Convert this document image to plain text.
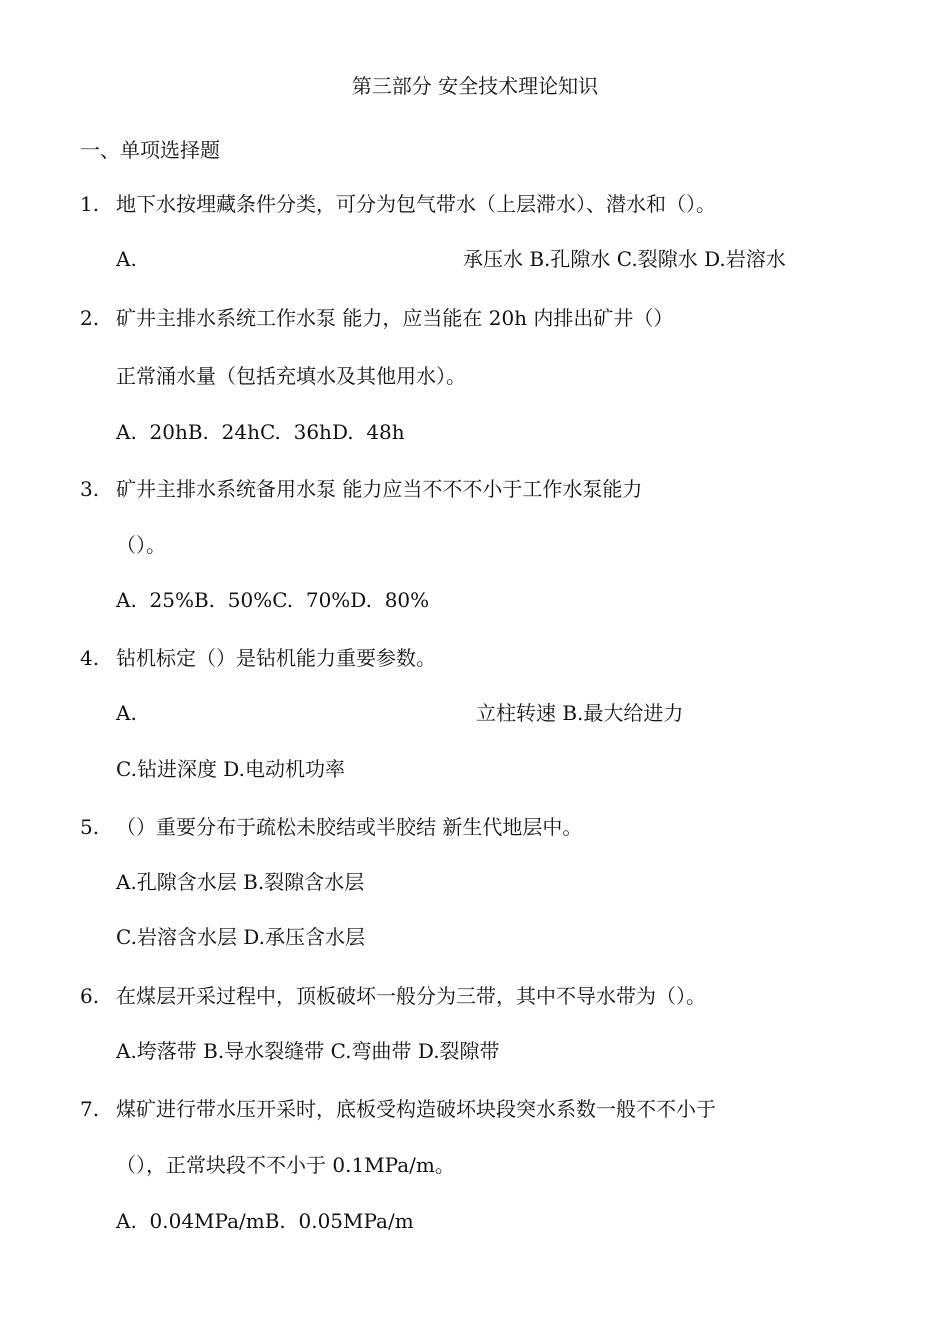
第三部分 安全技术理论知识
一、单项选择题
1. 地下水按埋藏条件分类，可分为包气带水（上层滞水）、潜水和（）。
A.	承压水 B.孔隙水 C.裂隙水 D.岩溶水
2. 矿井主排水系统工作水泵 能力，应当能在 20h 内排出矿井（）
正常涌水量（包括充填水及其他用水）。
A.  20hB.  24hC.  36hD.  48h
3. 矿井主排水系统备用水泵 能力应当不不不小于工作水泵能力
（）。
A.  25%B.  50%C.  70%D.  80%
4. 钻机标定（）是钻机能力重要参数。
A.	立柱转速 B.最大给进力
C.钻进深度 D.电动机功率
5. （）重要分布于疏松未胶结或半胶结 新生代地层中。
A.孔隙含水层 B.裂隙含水层
C.岩溶含水层 D.承压含水层
6. 在煤层开采过程中，顶板破坏一般分为三带，其中不导水带为（）。
A.垮落带 B.导水裂缝带 C.弯曲带 D.裂隙带
7. 煤矿进行带水压开采时，底板受构造破坏块段突水系数一般不不小于
（），正常块段不不小于 0.1MPa/m。
A.  0.04MPa/mB.  0.05MPa/m
